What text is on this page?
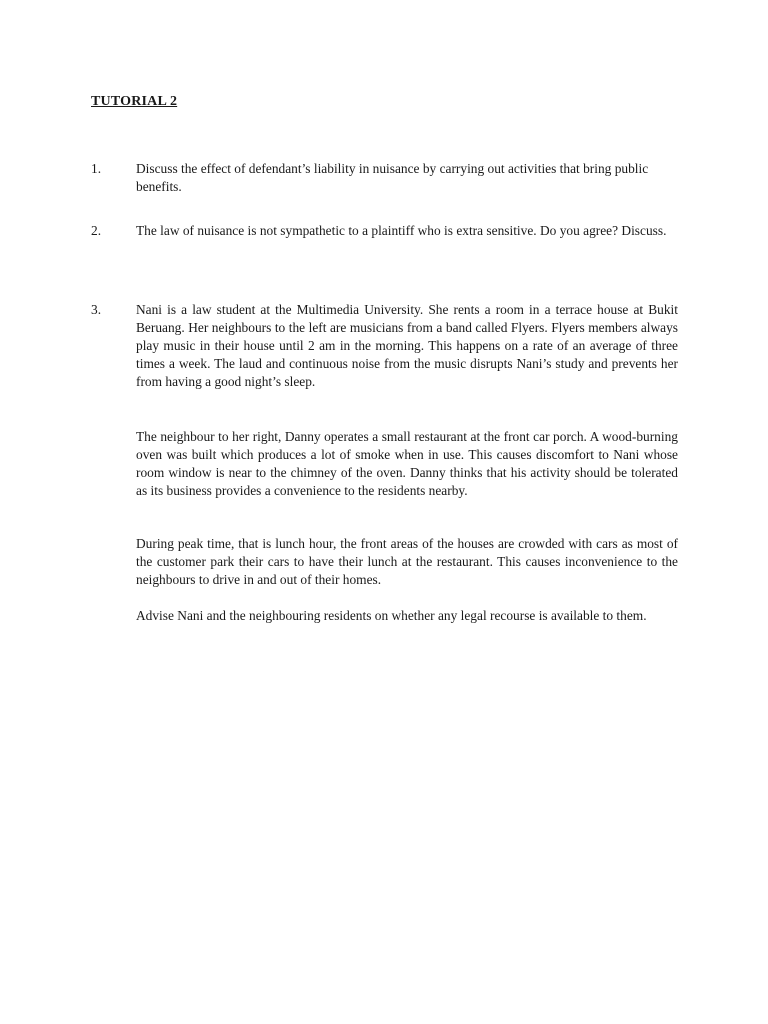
TUTORIAL 2
1.	Discuss the effect of defendant’s liability in nuisance by carrying out activities that bring public benefits.

2.	The law of nuisance is not sympathetic to a plaintiff who is extra sensitive. Do you agree? Discuss.

3.	Nani is a law student at the Multimedia University. She rents a room in a terrace house at Bukit Beruang. Her neighbours to the left are musicians from a band called Flyers. Flyers members always play music in their house until 2 am in the morning. This happens on a rate of an average of three times a week. The laud and continuous noise from the music disrupts Nani’s study and prevents her from having a good night’s sleep.

The neighbour to her right, Danny operates a small restaurant at the front car porch. A wood-burning oven was built which produces a lot of smoke when in use. This causes discomfort to Nani whose room window is near to the chimney of the oven. Danny thinks that his activity should be tolerated as its business provides a convenience to the residents nearby.

During peak time, that is lunch hour, the front areas of the houses are crowded with cars as most of the customer park their cars to have their lunch at the restaurant. This causes inconvenience to the neighbours to drive in and out of their homes.

Advise Nani and the neighbouring residents on whether any legal recourse is available to them.
